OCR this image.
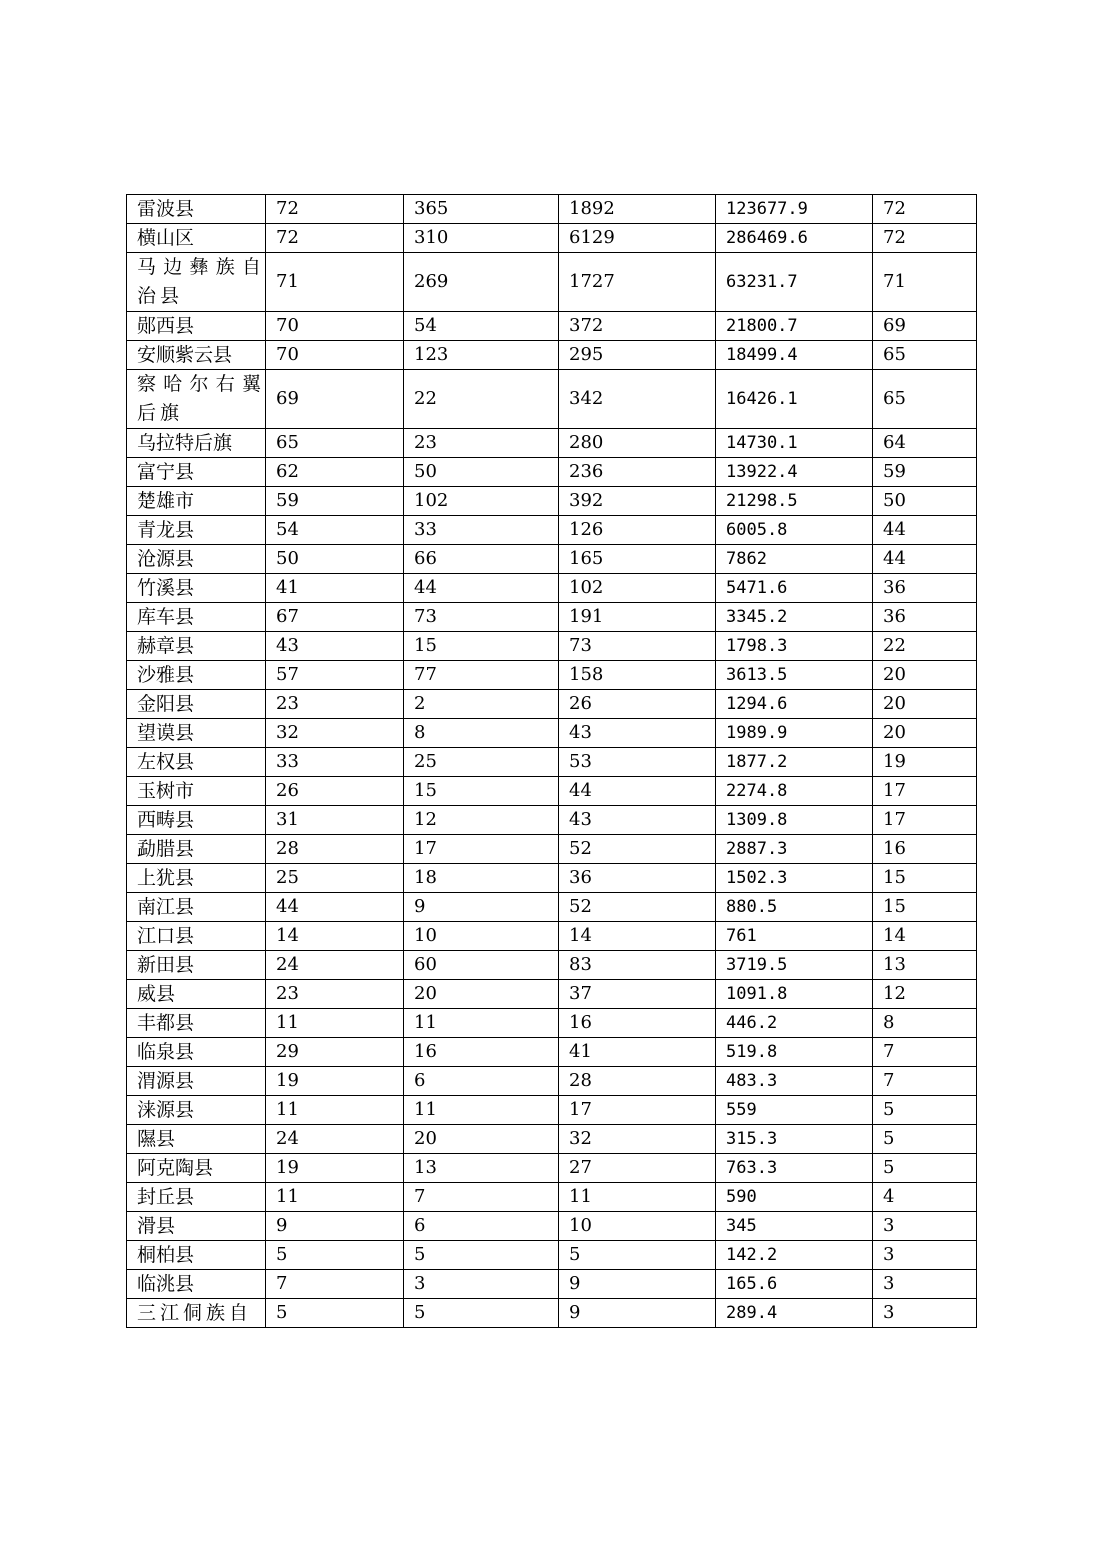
雷波县	72	365	1892	123677.9	72
横山区	72	310	6129	286469.6	72
马边彝族自治县	71	269	1727	63231.7	71
郧西县	70	54	372	21800.7	69
安顺紫云县	70	123	295	18499.4	65
察哈尔右翼后旗	69	22	342	16426.1	65
乌拉特后旗	65	23	280	14730.1	64
富宁县	62	50	236	13922.4	59
楚雄市	59	102	392	21298.5	50
青龙县	54	33	126	6005.8	44
沧源县	50	66	165	7862	44
竹溪县	41	44	102	5471.6	36
库车县	67	73	191	3345.2	36
赫章县	43	15	73	1798.3	22
沙雅县	57	77	158	3613.5	20
金阳县	23	2	26	1294.6	20
望谟县	32	8	43	1989.9	20
左权县	33	25	53	1877.2	19
玉树市	26	15	44	2274.8	17
西畴县	31	12	43	1309.8	17
勐腊县	28	17	52	2887.3	16
上犹县	25	18	36	1502.3	15
南江县	44	9	52	880.5	15
江口县	14	10	14	761	14
新田县	24	60	83	3719.5	13
威县	23	20	37	1091.8	12
丰都县	11	11	16	446.2	8
临泉县	29	16	41	519.8	7
渭源县	19	6	28	483.3	7
涞源县	11	11	17	559	5
隰县	24	20	32	315.3	5
阿克陶县	19	13	27	763.3	5
封丘县	11	7	11	590	4
滑县	9	6	10	345	3
桐柏县	5	5	5	142.2	3
临洮县	7	3	9	165.6	3
三江侗族自	5	5	9	289.4	3
